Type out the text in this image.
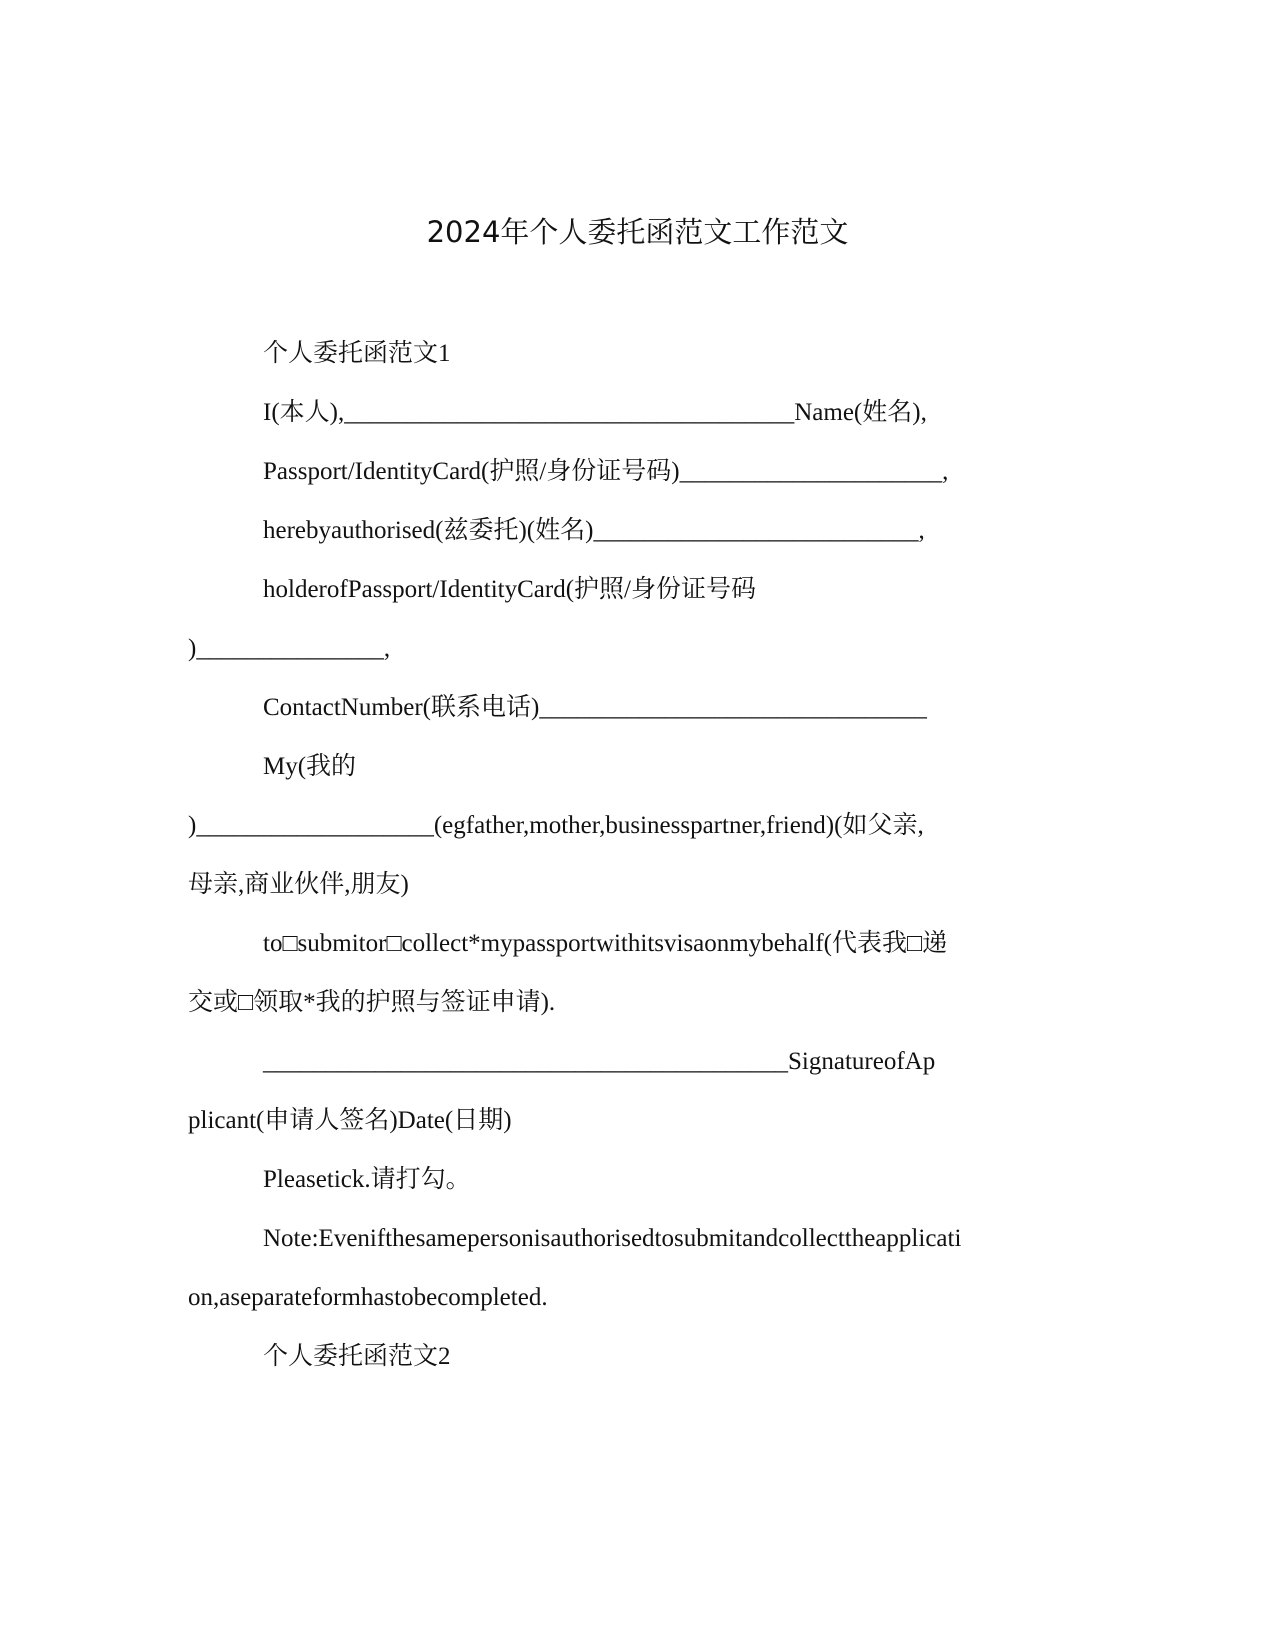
2024年个人委托函范文工作范文
个人委托函范文1
I(本人),____________________________________Name(姓名),
Passport/IdentityCard(护照/身份证号码)_____________________,
herebyauthorised(兹委托)(姓名)__________________________,
holderofPassport/IdentityCard(护照/身份证号码
)_______________,
ContactNumber(联系电话)_______________________________
My(我的
)___________________(egfather,mother,businesspartner,friend)(如父亲,
母亲,商业伙伴,朋友)
to□submitor□collect*mypassportwithitsvisaonmybehalf(代表我□递
交或□领取*我的护照与签证申请).
__________________________________________SignatureofAp
plicant(申请人签名)Date(日期)
Pleasetick.请打勾。
Note:Evenifthesamepersonisauthorisedtosubmitandcollecttheapplicati
on,aseparateformhastobecompleted.
个人委托函范文2
